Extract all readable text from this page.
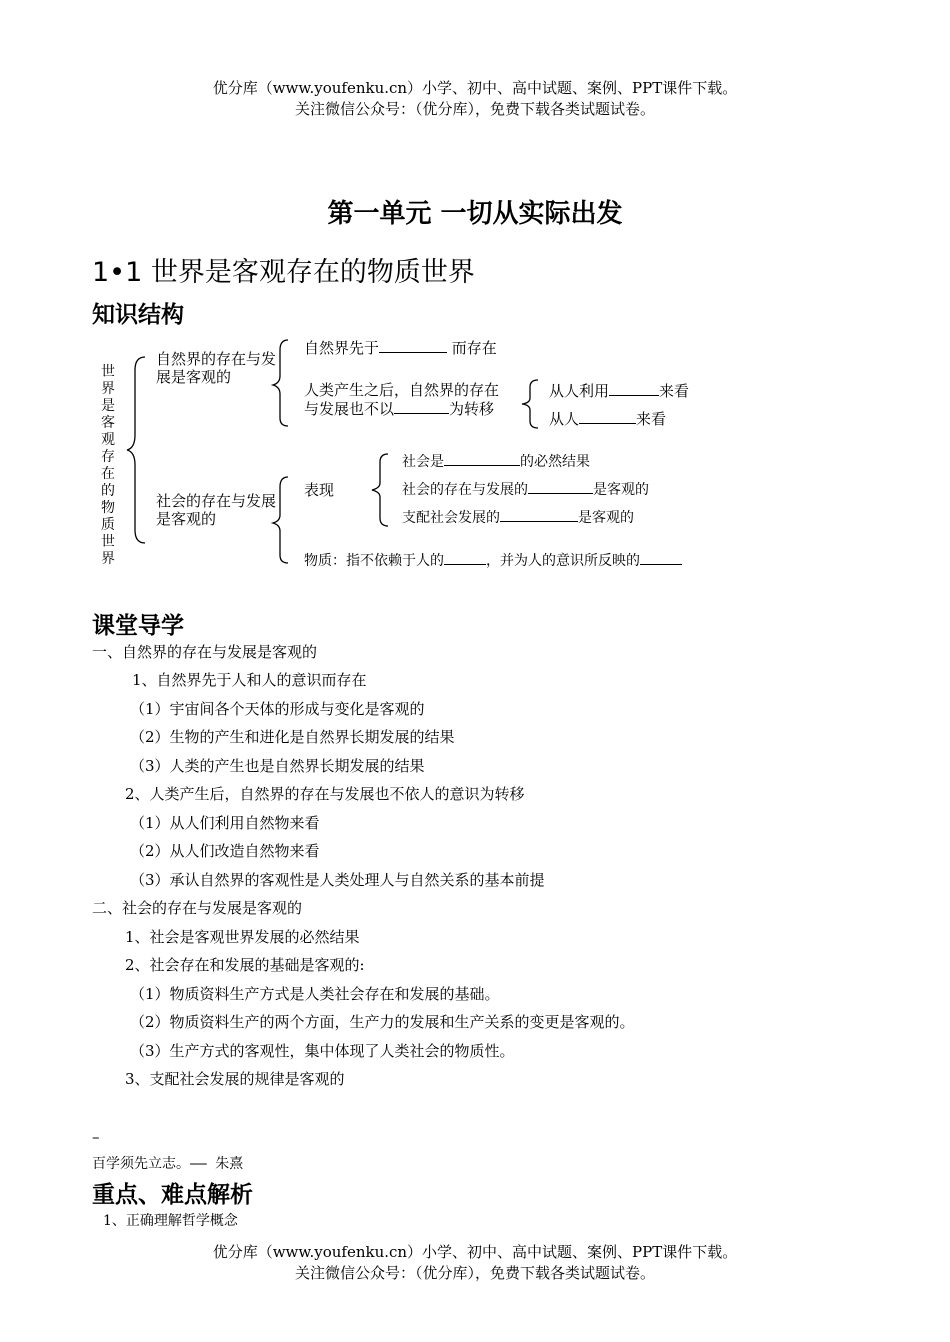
优分库（www.youfenku.cn）小学、初中、高中试题、案例、PPT课件下载。
关注微信公众号：（优分库），免费下载各类试题试卷。
第一单元 一切从实际出发
1•1 世界是客观存在的物质世界
知识结构
世界是客观存在的物质世界
自然界的存在与发展是客观的
自然界先于	而存在
人类产生之后，自然界的存在
与发展也不以	为转移
从人利用	来看
从人	来看
社会的存在与发展是客观的
表现
社会是	的必然结果
社会的存在与发展的	是客观的
支配社会发展的	是客观的
物质：指不依赖于人的	，并为人的意识所反映的
课堂导学
一、自然界的存在与发展是客观的
1、自然界先于人和人的意识而存在
（1）宇宙间各个天体的形成与变化是客观的
（2）生物的产生和进化是自然界长期发展的结果
（3）人类的产生也是自然界长期发展的结果
2、人类产生后，自然界的存在与发展也不依人的意识为转移
（1）从人们利用自然物来看
（2）从人们改造自然物来看
（3）承认自然界的客观性是人类处理人与自然关系的基本前提
二、社会的存在与发展是客观的
1、社会是客观世界发展的必然结果
2、社会存在和发展的基础是客观的:
（1）物质资料生产方式是人类社会存在和发展的基础。
（2）物质资料生产的两个方面，生产力的发展和生产关系的变更是客观的。
（3）生产方式的客观性，集中体现了人类社会的物质性。
3、支配社会发展的规律是客观的
–
百学须先立志。—— 朱熹
重点、难点解析
1、正确理解哲学概念
优分库（www.youfenku.cn）小学、初中、高中试题、案例、PPT课件下载。
关注微信公众号：（优分库），免费下载各类试题试卷。
